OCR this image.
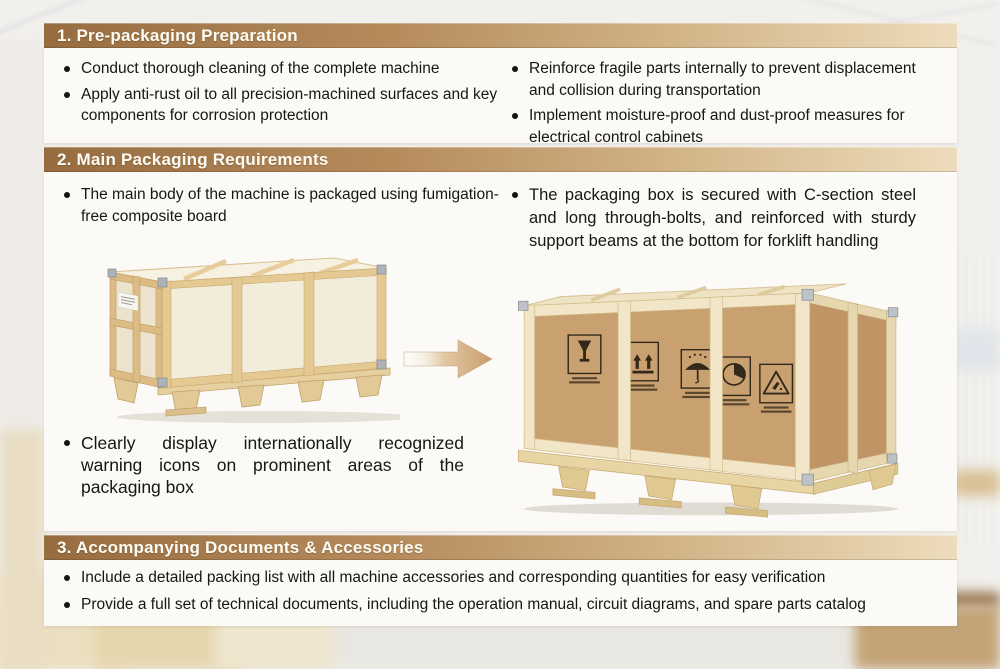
1. Pre-packaging Preparation
Conduct thorough cleaning of the complete machine
Apply anti-rust oil to all precision-machined surfaces and key components for corrosion protection
Reinforce fragile parts internally to prevent displacement and collision during transportation
Implement moisture-proof and dust-proof measures for electrical control cabinets
2. Main Packaging Requirements
The main body of the machine is packaged using fumigation-free composite board
The packaging box is secured with C-section steel and long through-bolts, and reinforced with sturdy support beams at the bottom for forklift handling
Clearly display internationally recognized warning icons on prominent areas of the packaging box
3. Accompanying Documents & Accessories
Include a detailed packing list with all machine accessories and corresponding quantities for easy verification
Provide a full set of technical documents, including the operation manual, circuit diagrams, and spare parts catalog
